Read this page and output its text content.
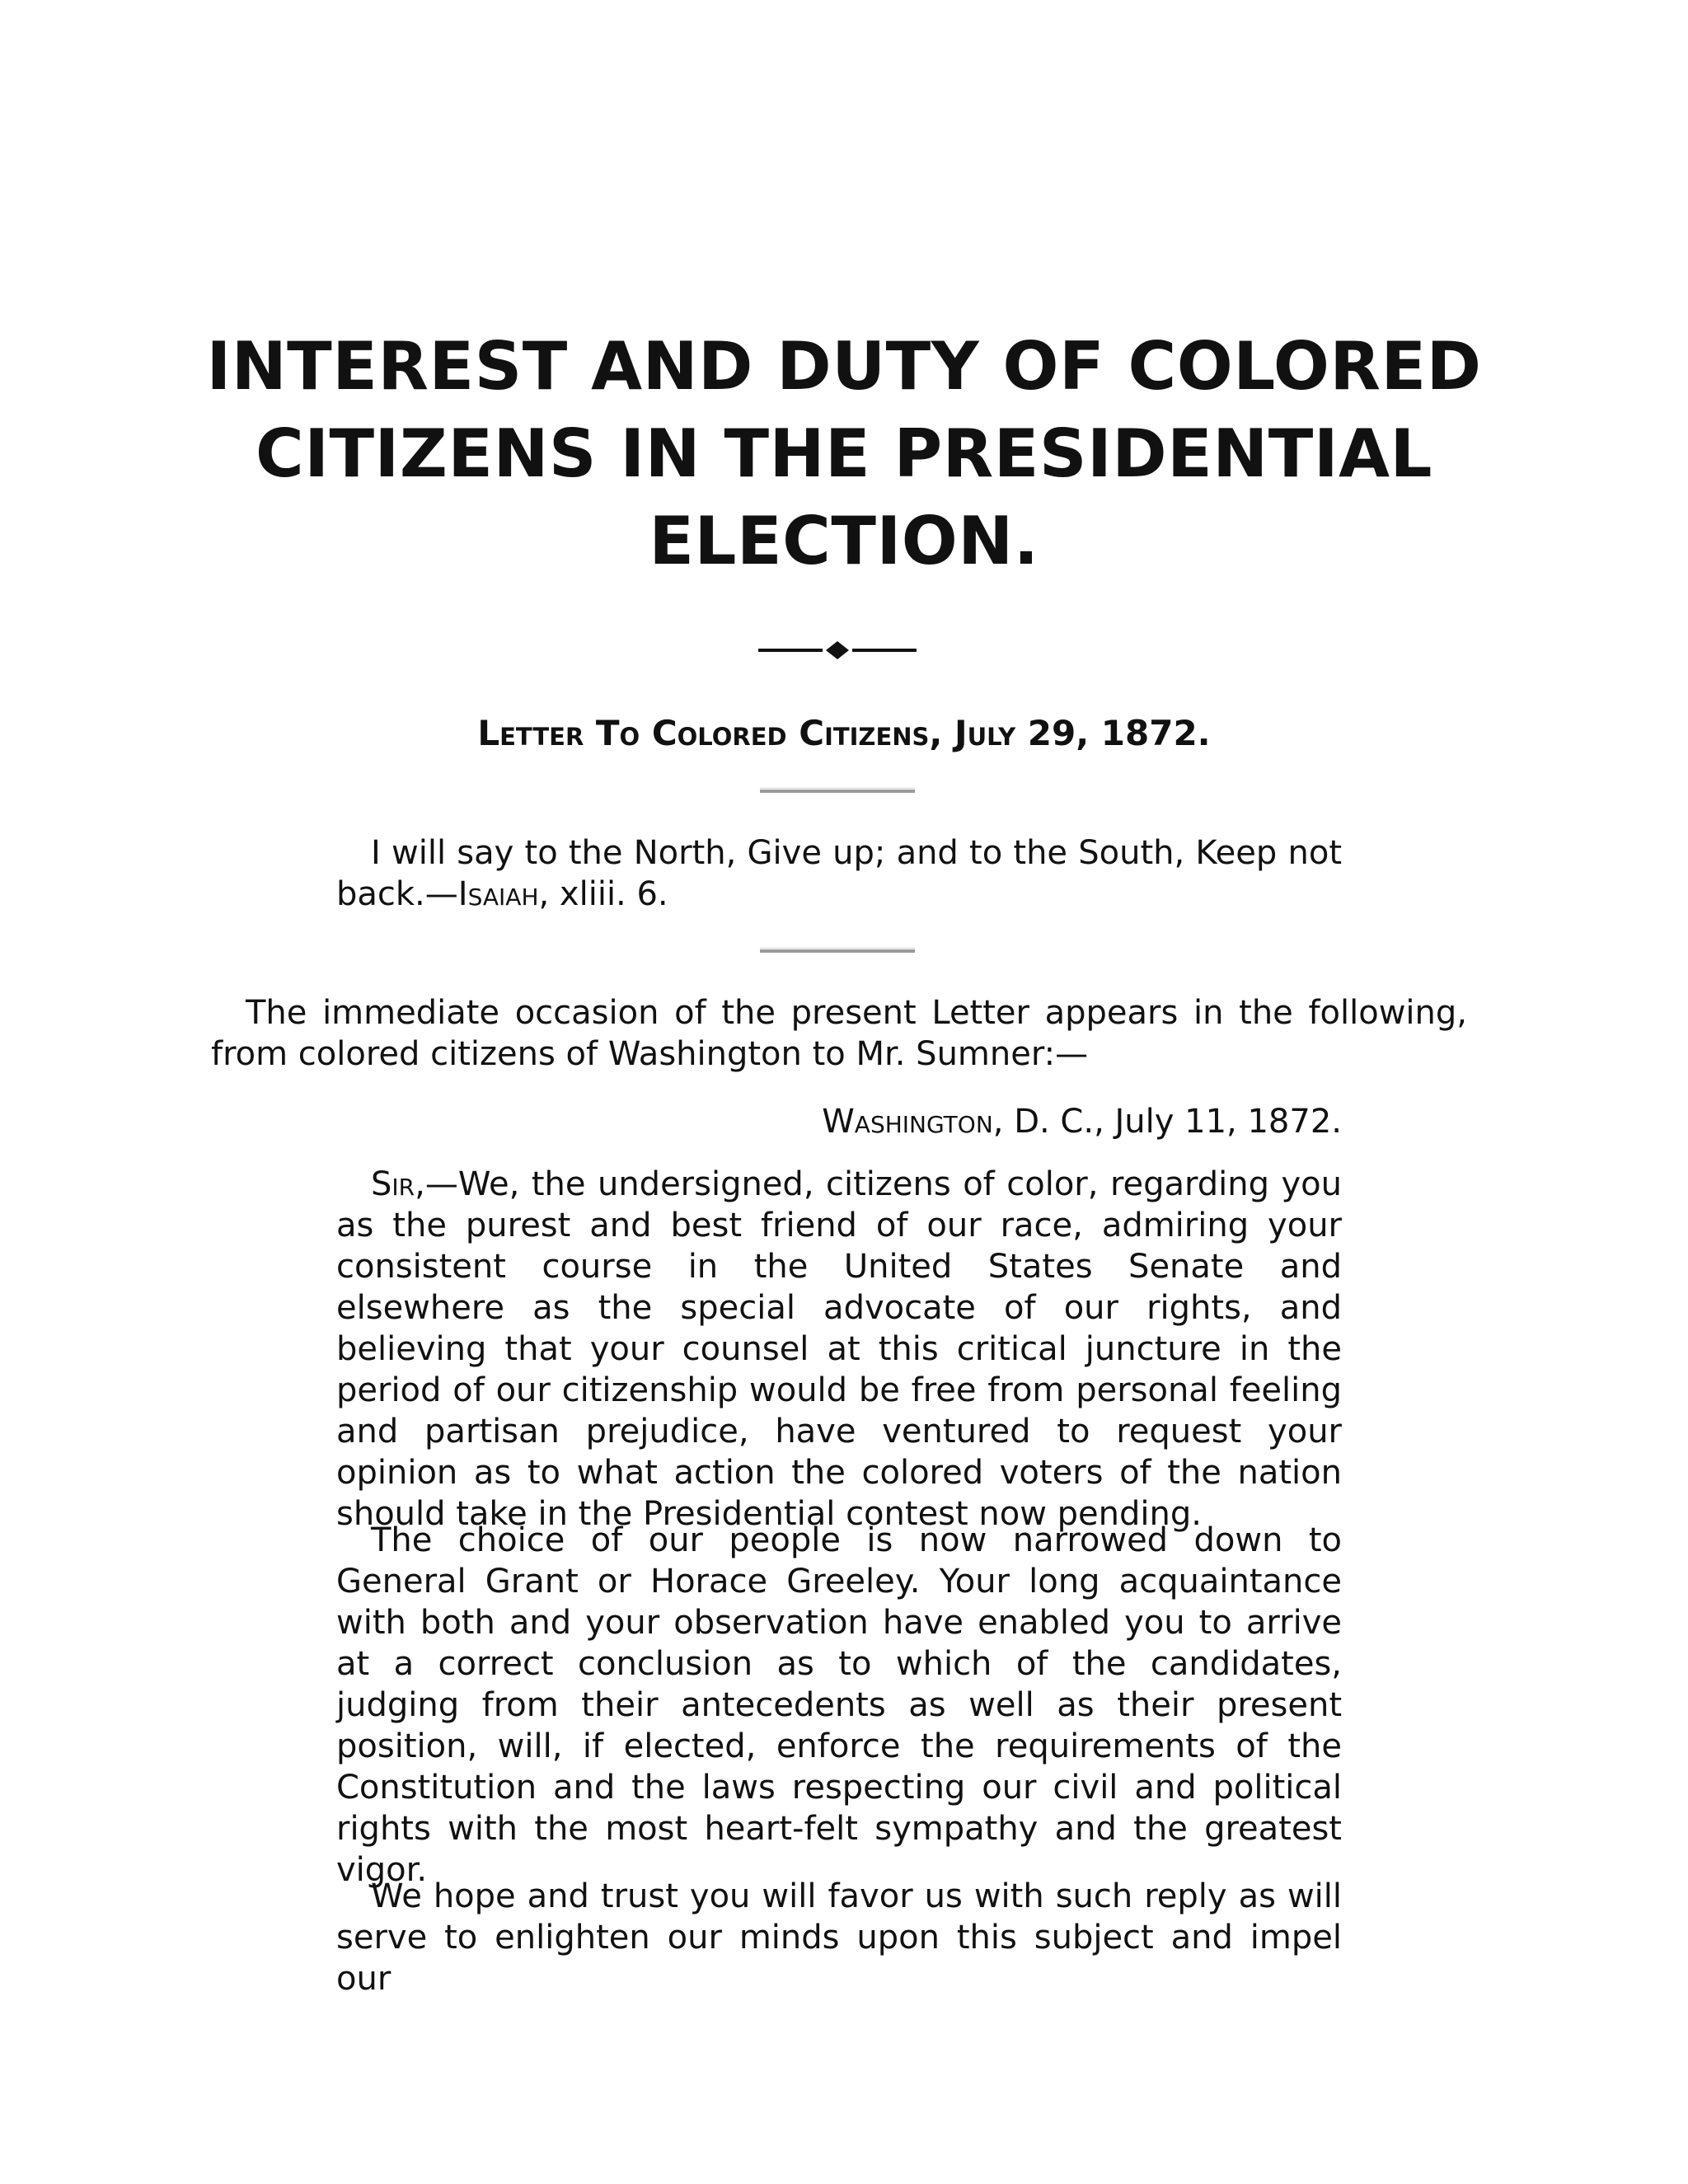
INTEREST AND DUTY OF COLORED CITIZENS IN THE PRESIDENTIAL ELECTION.
Letter To Colored Citizens, July 29, 1872.

I will say to the North, Give up; and to the South, Keep not back.—Isaiah, xliii. 6.

The immediate occasion of the present Letter appears in the following, from colored citizens of Washington to Mr. Sumner:—

Washington, D. C., July 11, 1872.

Sir,—We, the undersigned, citizens of color, regarding you as the purest and best friend of our race, admiring your consistent course in the United States Senate and elsewhere as the special advocate of our rights, and believing that your counsel at this critical juncture in the period of our citizenship would be free from personal feeling and partisan prejudice, have ventured to request your opinion as to what action the colored voters of the nation should take in the Presidential contest now pending.

The choice of our people is now narrowed down to General Grant or Horace Greeley. Your long acquaintance with both and your observation have enabled you to arrive at a correct conclusion as to which of the candidates, judging from their antecedents as well as their present position, will, if elected, enforce the requirements of the Constitution and the laws respecting our civil and political rights with the most heart-felt sympathy and the greatest vigor.

We hope and trust you will favor us with such reply as will serve to enlighten our minds upon this subject and impel our
